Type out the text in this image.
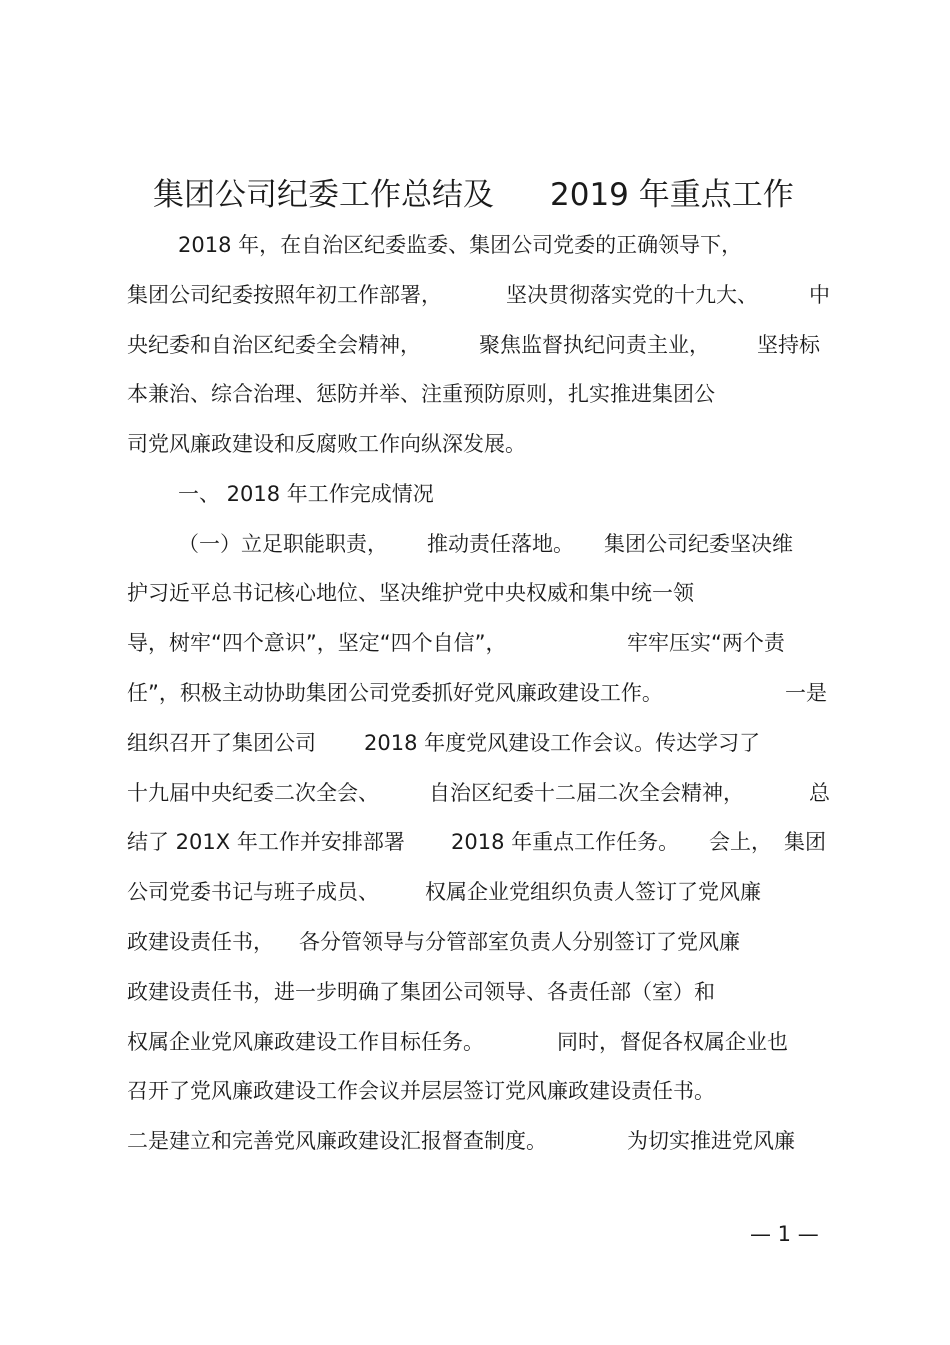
集团公司纪委工作总结及 2019 年重点工作
2018 年，在自治区纪委监委、集团公司党委的正确领导下，
集团公司纪委按照年初工作部署，	坚决贯彻落实党的十九大、 中
央纪委和自治区纪委全会精神，	聚焦监督执纪问责主业， 坚持标
本兼治、综合治理、惩防并举、注重预防原则，扎实推进集团公
司党风廉政建设和反腐败工作向纵深发展。
一、 2018 年工作完成情况
（一）立足职能职责， 推动责任落地。 集团公司纪委坚决维
护习近平总书记核心地位、坚决维护党中央权威和集中统一领
导，树牢“四个意识”，坚定“四个自信”，	牢牢压实“两个责
任”，积极主动协助集团公司党委抓好党风廉政建设工作。	一是
组织召开了集团公司 2018 年度党风建设工作会议。传达学习了
十九届中央纪委二次全会、 自治区纪委十二届二次全会精神，	总
结了 201X 年工作并安排部署 2018 年重点工作任务。 会上， 集团
公司党委书记与班子成员、 权属企业党组织负责人签订了党风廉
政建设责任书， 各分管领导与分管部室负责人分别签订了党风廉
政建设责任书，进一步明确了集团公司领导、各责任部（室）和
权属企业党风廉政建设工作目标任务。	同时，督促各权属企业也
召开了党风廉政建设工作会议并层层签订党风廉政建设责任书。
二是建立和完善党风廉政建设汇报督查制度。	为切实推进党风廉
— 1 —
